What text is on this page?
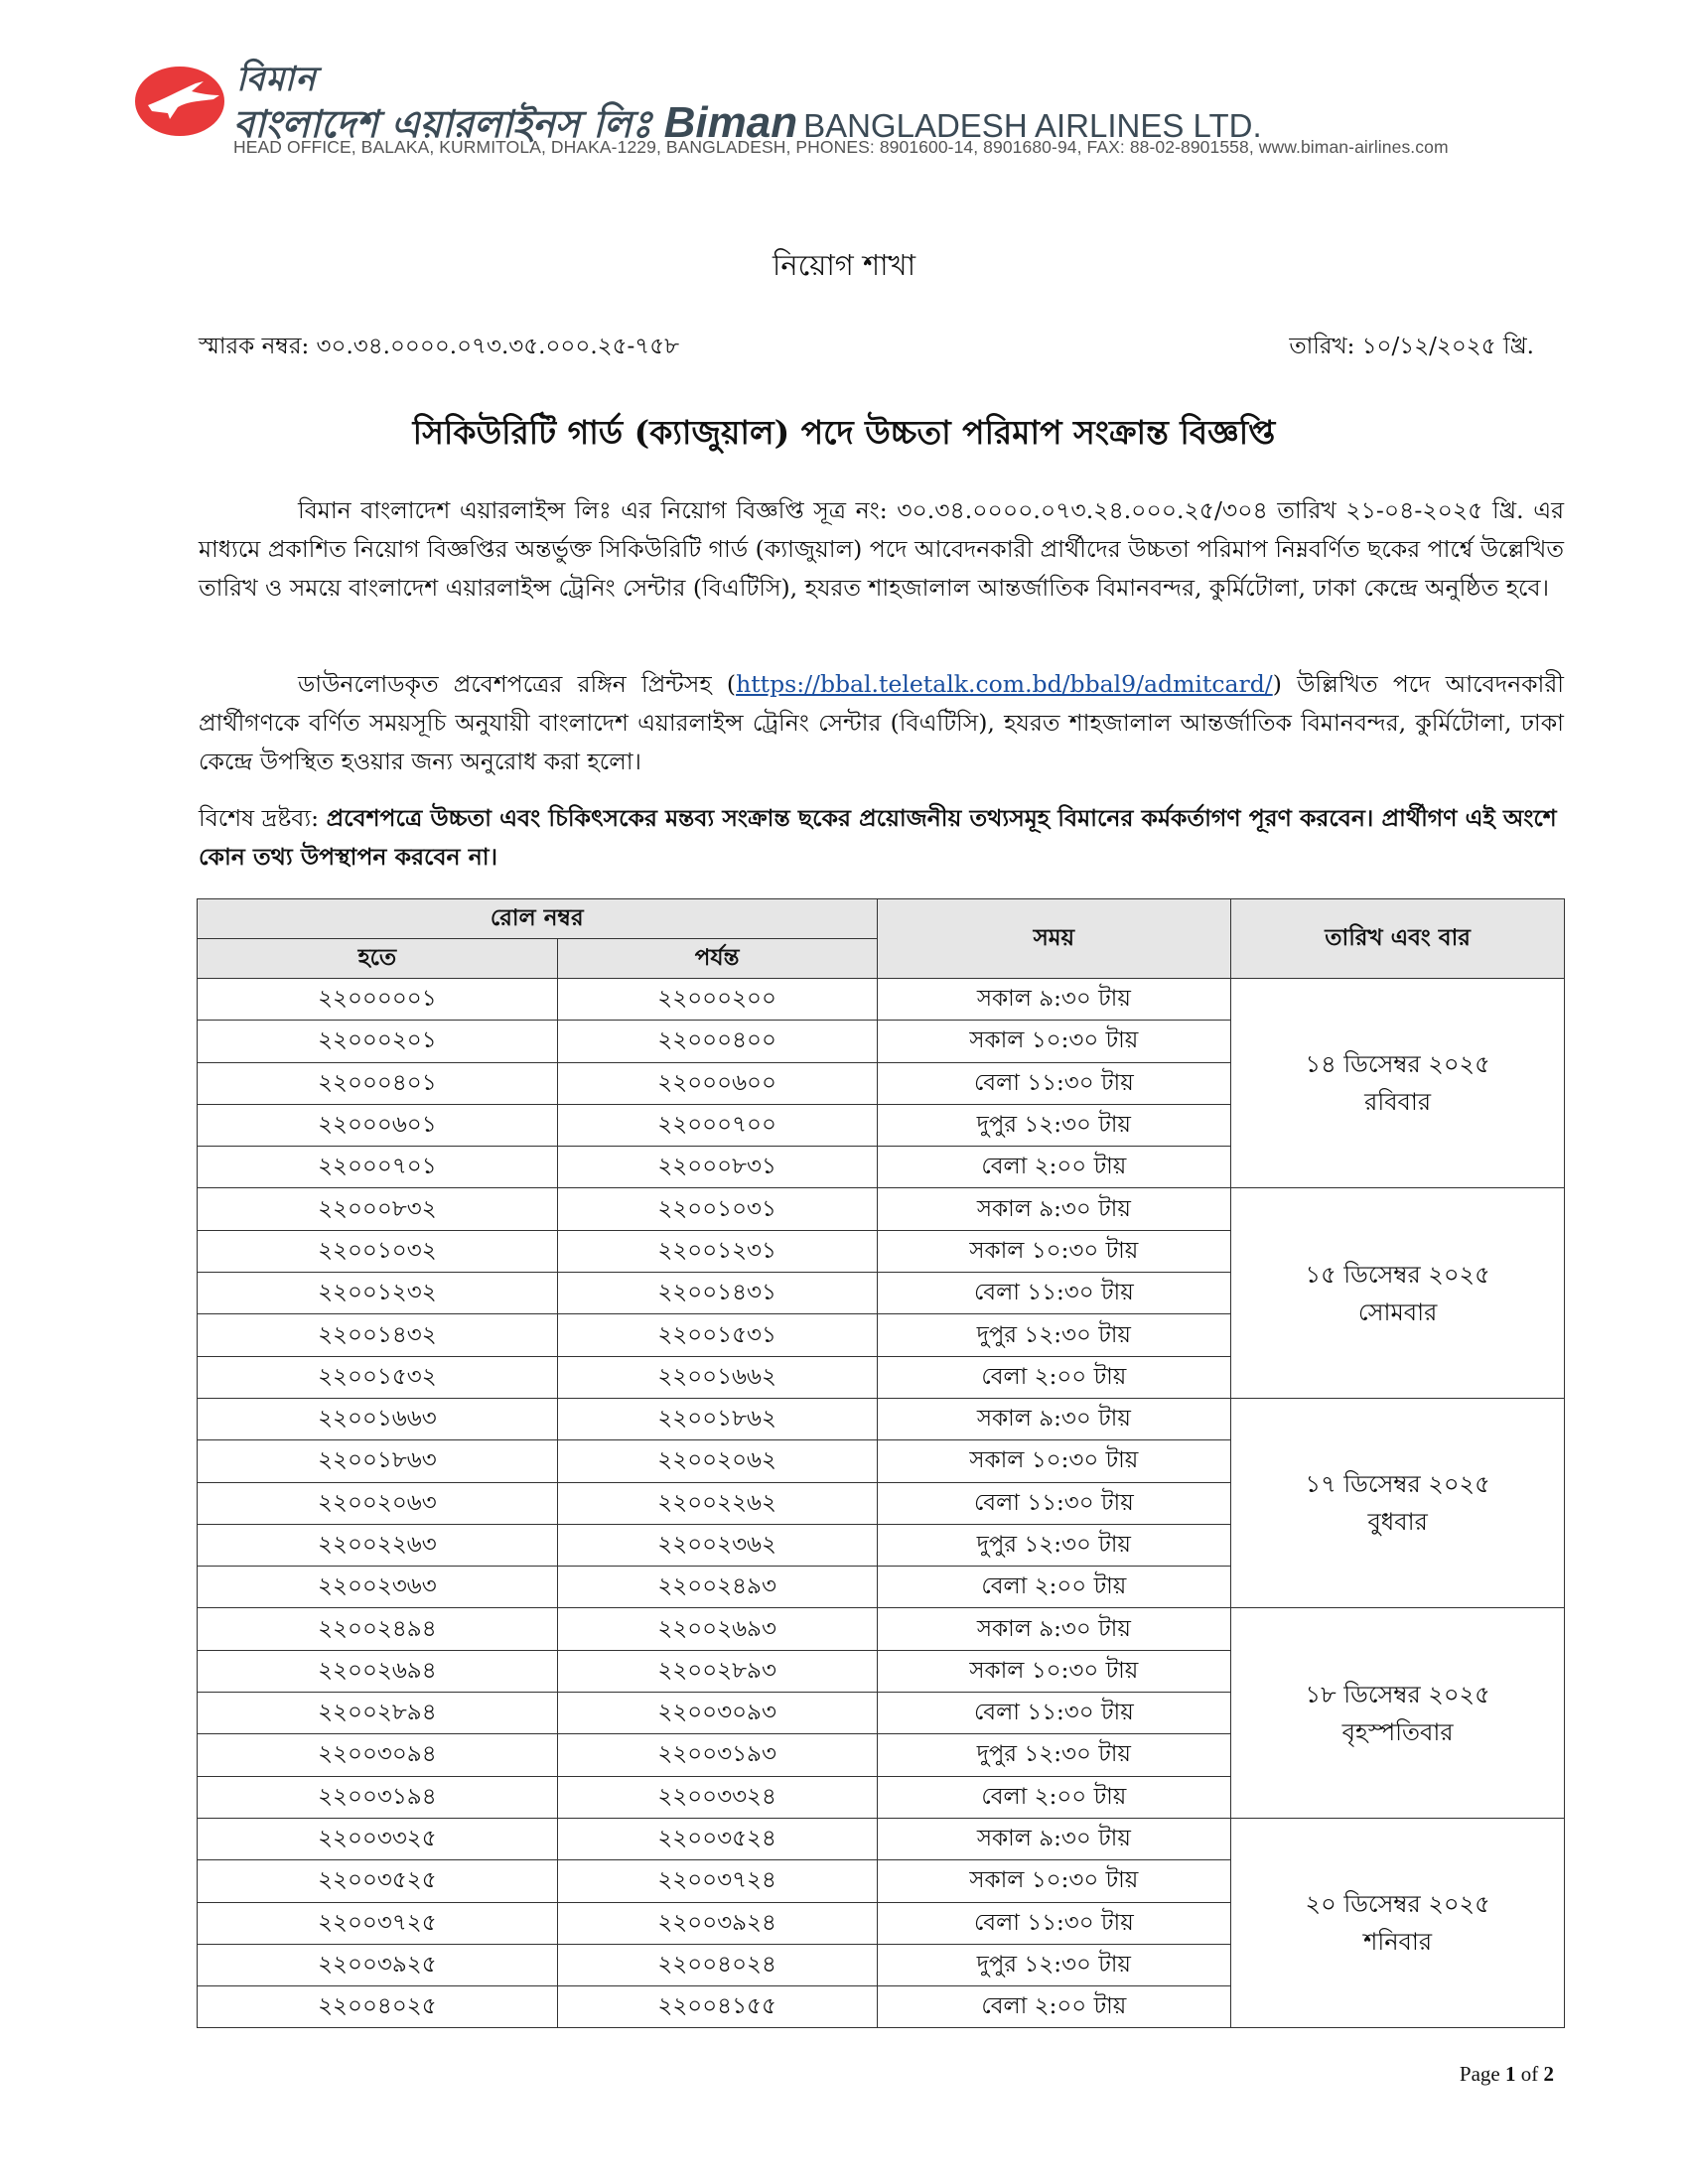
বিমান
বাংলাদেশ এয়ারলাইনস লিঃ Biman BANGLADESH AIRLINES LTD.
HEAD OFFICE, BALAKA, KURMITOLA, DHAKA-1229, BANGLADESH, PHONES: 8901600-14, 8901680-94, FAX: 88-02-8901558, www.biman-airlines.com
নিয়োগ শাখা
স্মারক নম্বর: ৩০.৩৪.০০০০.০৭৩.৩৫.০০০.২৫-৭৫৮	তারিখ: ১০/১২/২০২৫ খ্রি.
সিকিউরিটি গার্ড (ক্যাজুয়াল) পদে উচ্চতা পরিমাপ সংক্রান্ত বিজ্ঞপ্তি
বিমান বাংলাদেশ এয়ারলাইন্স লিঃ এর নিয়োগ বিজ্ঞপ্তি সূত্র নং: ৩০.৩৪.০০০০.০৭৩.২৪.০০০.২৫/৩০৪ তারিখ ২১-০৪-২০২৫ খ্রি. এর মাধ্যমে প্রকাশিত নিয়োগ বিজ্ঞপ্তির অন্তর্ভুক্ত সিকিউরিটি গার্ড (ক্যাজুয়াল) পদে আবেদনকারী প্রার্থীদের উচ্চতা পরিমাপ নিম্নবর্ণিত ছকের পার্শ্বে উল্লেখিত তারিখ ও সময়ে বাংলাদেশ এয়ারলাইন্স ট্রেনিং সেন্টার (বিএটিসি), হযরত শাহজালাল আন্তর্জাতিক বিমানবন্দর, কুর্মিটোলা, ঢাকা কেন্দ্রে অনুষ্ঠিত হবে।
ডাউনলোডকৃত প্রবেশপত্রের রঙ্গিন প্রিন্টসহ (https://bbal.teletalk.com.bd/bbal9/admitcard/) উল্লিখিত পদে আবেদনকারী প্রার্থীগণকে বর্ণিত সময়সূচি অনুযায়ী বাংলাদেশ এয়ারলাইন্স ট্রেনিং সেন্টার (বিএটিসি), হযরত শাহজালাল আন্তর্জাতিক বিমানবন্দর, কুর্মিটোলা, ঢাকা কেন্দ্রে উপস্থিত হওয়ার জন্য অনুরোধ করা হলো।
বিশেষ দ্রষ্টব্য: প্রবেশপত্রে উচ্চতা এবং চিকিৎসকের মন্তব্য সংক্রান্ত ছকের প্রয়োজনীয় তথ্যসমূহ বিমানের কর্মকর্তাগণ পূরণ করবেন। প্রার্থীগণ এই অংশে কোন তথ্য উপস্থাপন করবেন না।
রোল নম্বর		সময়	তারিখ এবং বার
হতে	পর্যন্ত		
২২০০০০০১	২২০০০২০০	সকাল ৯:৩০ টায়	১৪ ডিসেম্বর ২০২৫
রবিবার

২২০০০২০১	২২০০০৪০০	সকাল ১০:৩০ টায়	
২২০০০৪০১	২২০০০৬০০	বেলা ১১:৩০ টায়	
২২০০০৬০১	২২০০০৭০০	দুপুর ১২:৩০ টায়	
২২০০০৭০১	২২০০০৮৩১	বেলা ২:০০ টায়	
২২০০০৮৩২	২২০০১০৩১	সকাল ৯:৩০ টায়	১৫ ডিসেম্বর ২০২৫
সোমবার

২২০০১০৩২	২২০০১২৩১	সকাল ১০:৩০ টায়	
২২০০১২৩২	২২০০১৪৩১	বেলা ১১:৩০ টায়	
২২০০১৪৩২	২২০০১৫৩১	দুপুর ১২:৩০ টায়	
২২০০১৫৩২	২২০০১৬৬২	বেলা ২:০০ টায়	
২২০০১৬৬৩	২২০০১৮৬২	সকাল ৯:৩০ টায়	১৭ ডিসেম্বর ২০২৫
বুধবার

২২০০১৮৬৩	২২০০২০৬২	সকাল ১০:৩০ টায়	
২২০০২০৬৩	২২০০২২৬২	বেলা ১১:৩০ টায়	
২২০০২২৬৩	২২০০২৩৬২	দুপুর ১২:৩০ টায়	
২২০০২৩৬৩	২২০০২৪৯৩	বেলা ২:০০ টায়	
২২০০২৪৯৪	২২০০২৬৯৩	সকাল ৯:৩০ টায়	১৮ ডিসেম্বর ২০২৫
বৃহস্পতিবার

২২০০২৬৯৪	২২০০২৮৯৩	সকাল ১০:৩০ টায়	
২২০০২৮৯৪	২২০০৩০৯৩	বেলা ১১:৩০ টায়	
২২০০৩০৯৪	২২০০৩১৯৩	দুপুর ১২:৩০ টায়	
২২০০৩১৯৪	২২০০৩৩২৪	বেলা ২:০০ টায়	
২২০০৩৩২৫	২২০০৩৫২৪	সকাল ৯:৩০ টায়	২০ ডিসেম্বর ২০২৫
শনিবার

২২০০৩৫২৫	২২০০৩৭২৪	সকাল ১০:৩০ টায়	
২২০০৩৭২৫	২২০০৩৯২৪	বেলা ১১:৩০ টায়	
২২০০৩৯২৫	২২০০৪০২৪	দুপুর ১২:৩০ টায়	
২২০০৪০২৫	২২০০৪১৫৫	বেলা ২:০০ টায়	
Page 1 of 2
